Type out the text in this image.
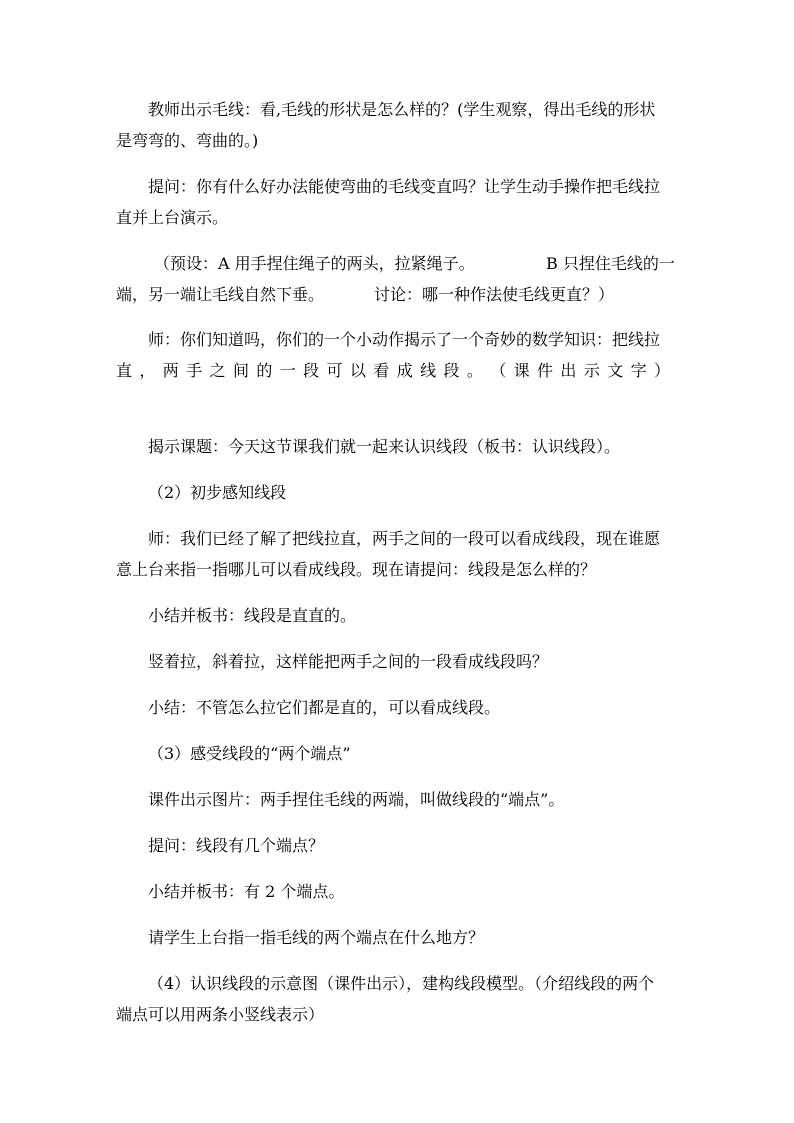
教师出示毛线：看,毛线的形状是怎么样的？(学生观察，得出毛线的形状
是弯弯的、弯曲的。)
提问：你有什么好办法能使弯曲的毛线变直吗？让学生动手操作把毛线拉
直并上台演示。
（预设：A 用手捏住绳子的两头，拉紧绳子。	B 只捏住毛线的一
端，另一端让毛线自然下垂。	讨论：哪一种作法使毛线更直？）
师：你们知道吗，你们的一个小动作揭示了一个奇妙的数学知识：把线拉
直 ， 两 手 之 间 的 一 段 可 以 看 成 线 段 。 （ 课 件 出 示 文 字 ）
揭示课题：今天这节课我们就一起来认识线段（板书：认识线段）。
（2）初步感知线段
师：我们已经了解了把线拉直，两手之间的一段可以看成线段，现在谁愿
意上台来指一指哪儿可以看成线段。现在请提问：线段是怎么样的？
小结并板书：线段是直直的。
竖着拉，斜着拉，这样能把两手之间的一段看成线段吗？
小结：不管怎么拉它们都是直的，可以看成线段。
（3）感受线段的“两个端点”
课件出示图片：两手捏住毛线的两端，叫做线段的“端点”。
提问：线段有几个端点？
小结并板书：有 2 个端点。
请学生上台指一指毛线的两个端点在什么地方？
（4）认识线段的示意图（课件出示），建构线段模型。（介绍线段的两个
端点可以用两条小竖线表示）
